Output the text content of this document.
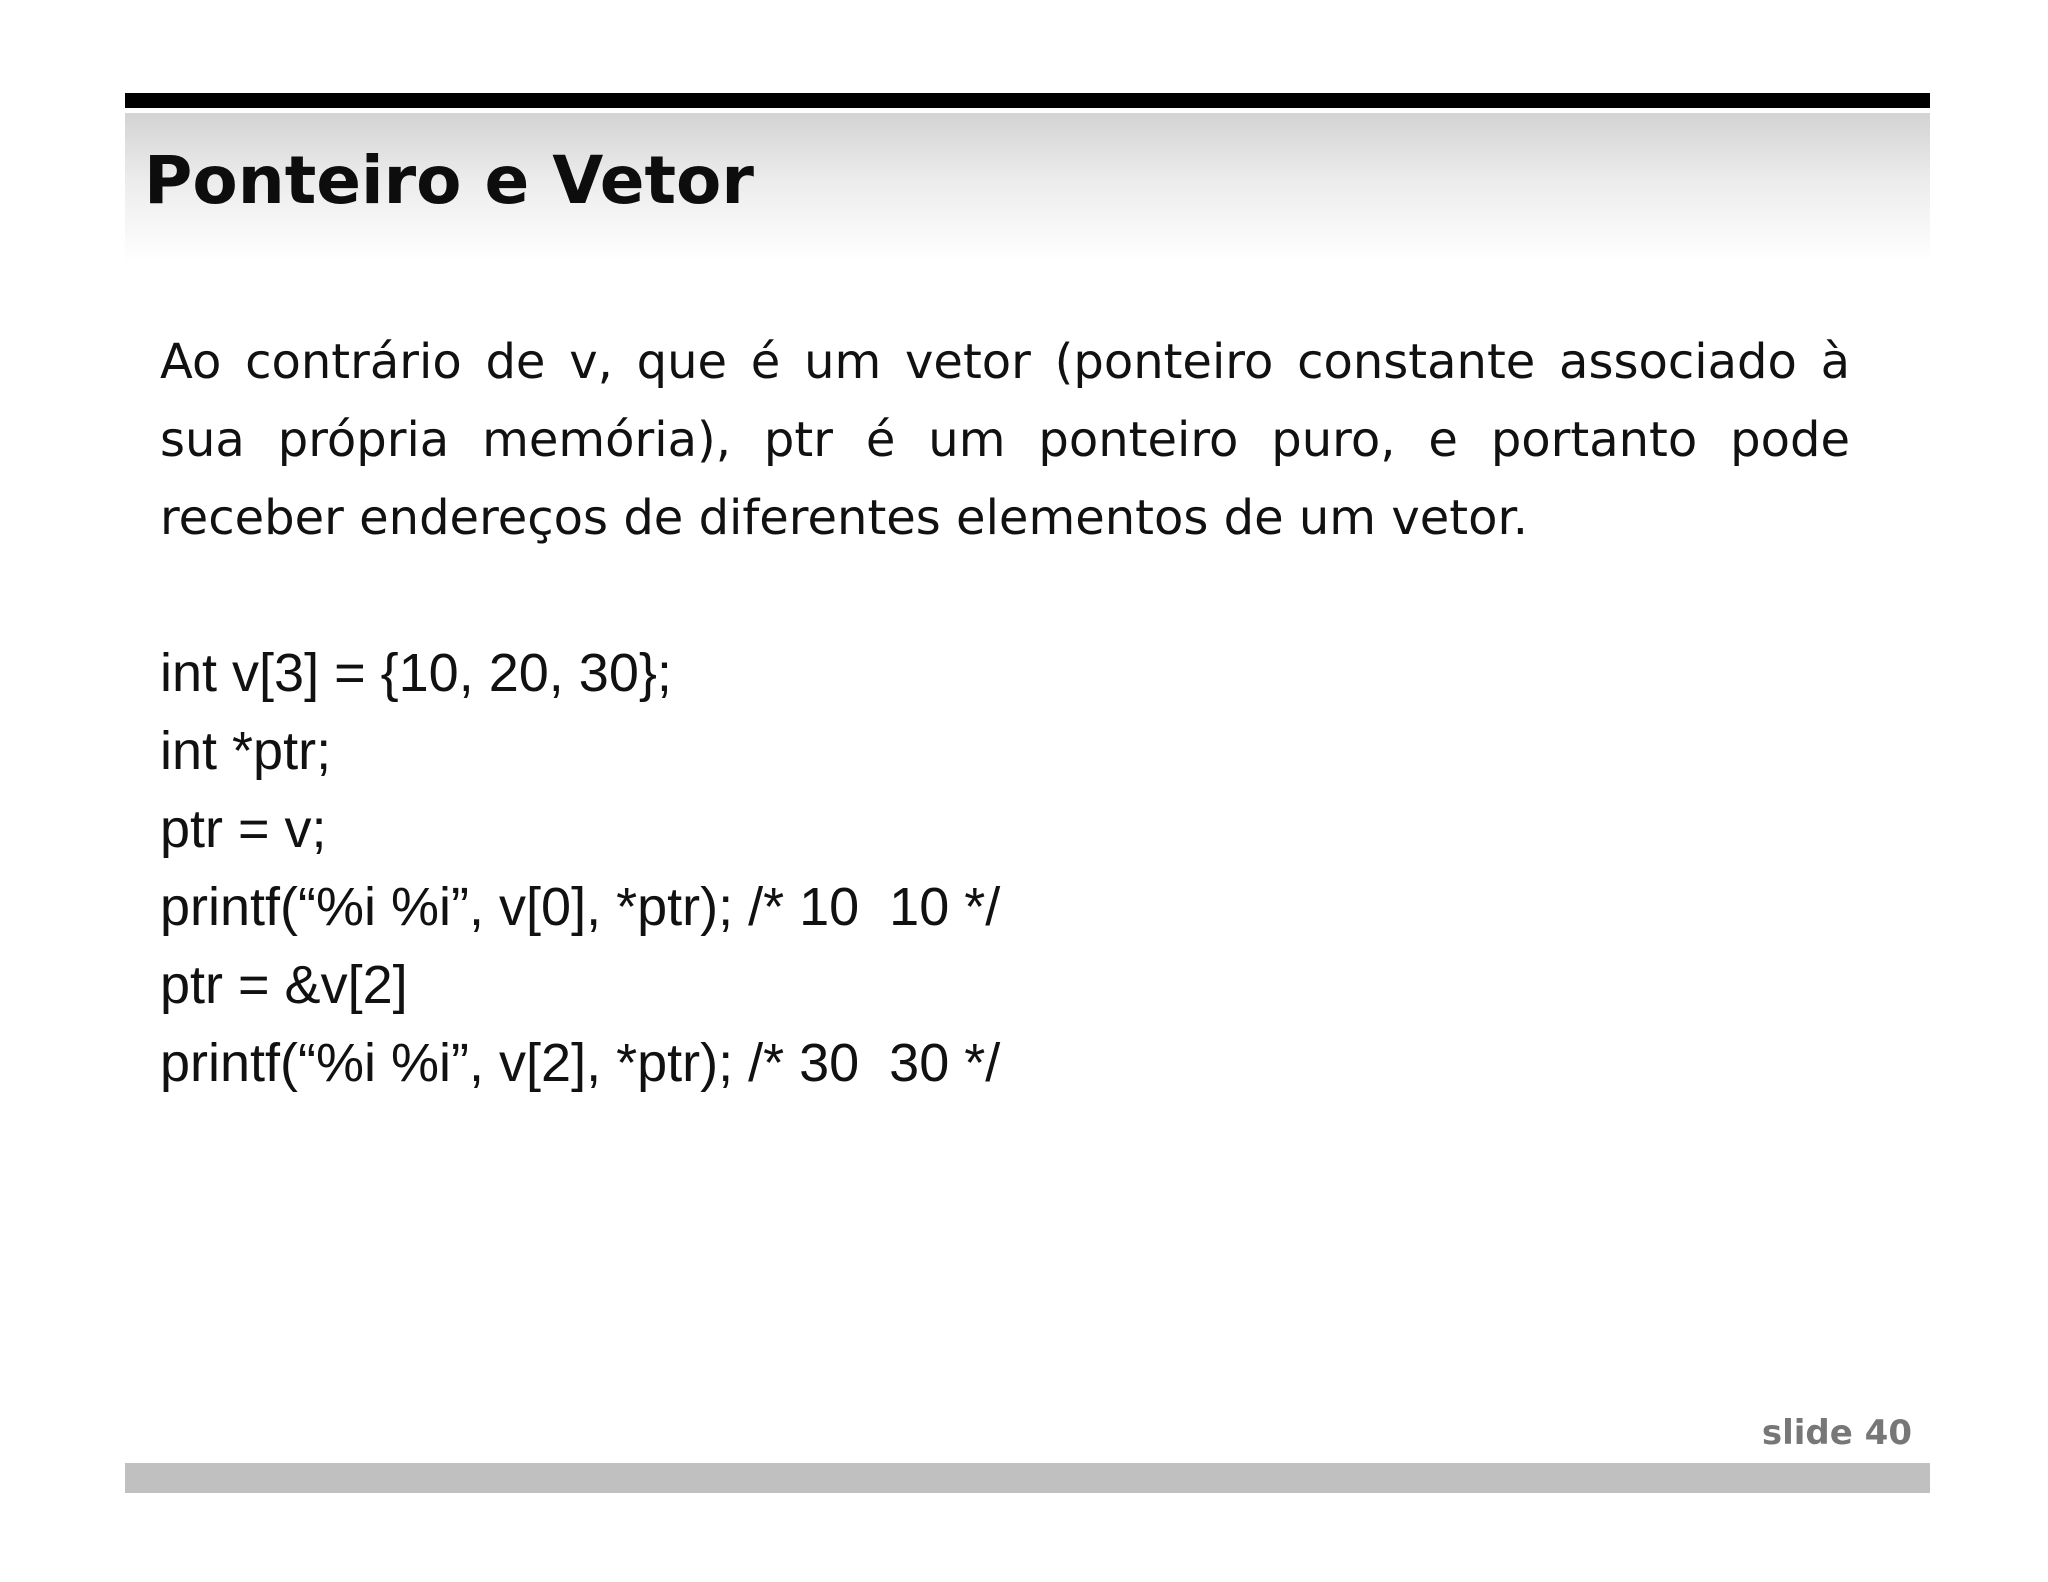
Ponteiro e Vetor

Ao contrário de v, que é um vetor (ponteiro constante associado à sua própria memória), ptr é um ponteiro puro, e portanto pode receber endereços de diferentes elementos de um vetor.

int v[3] = {10, 20, 30};
int *ptr;
ptr = v;
printf(“%i %i”, v[0], *ptr); /* 10  10 */
ptr = &v[2]
printf(“%i %i”, v[2], *ptr); /* 30  30 */
slide 40
